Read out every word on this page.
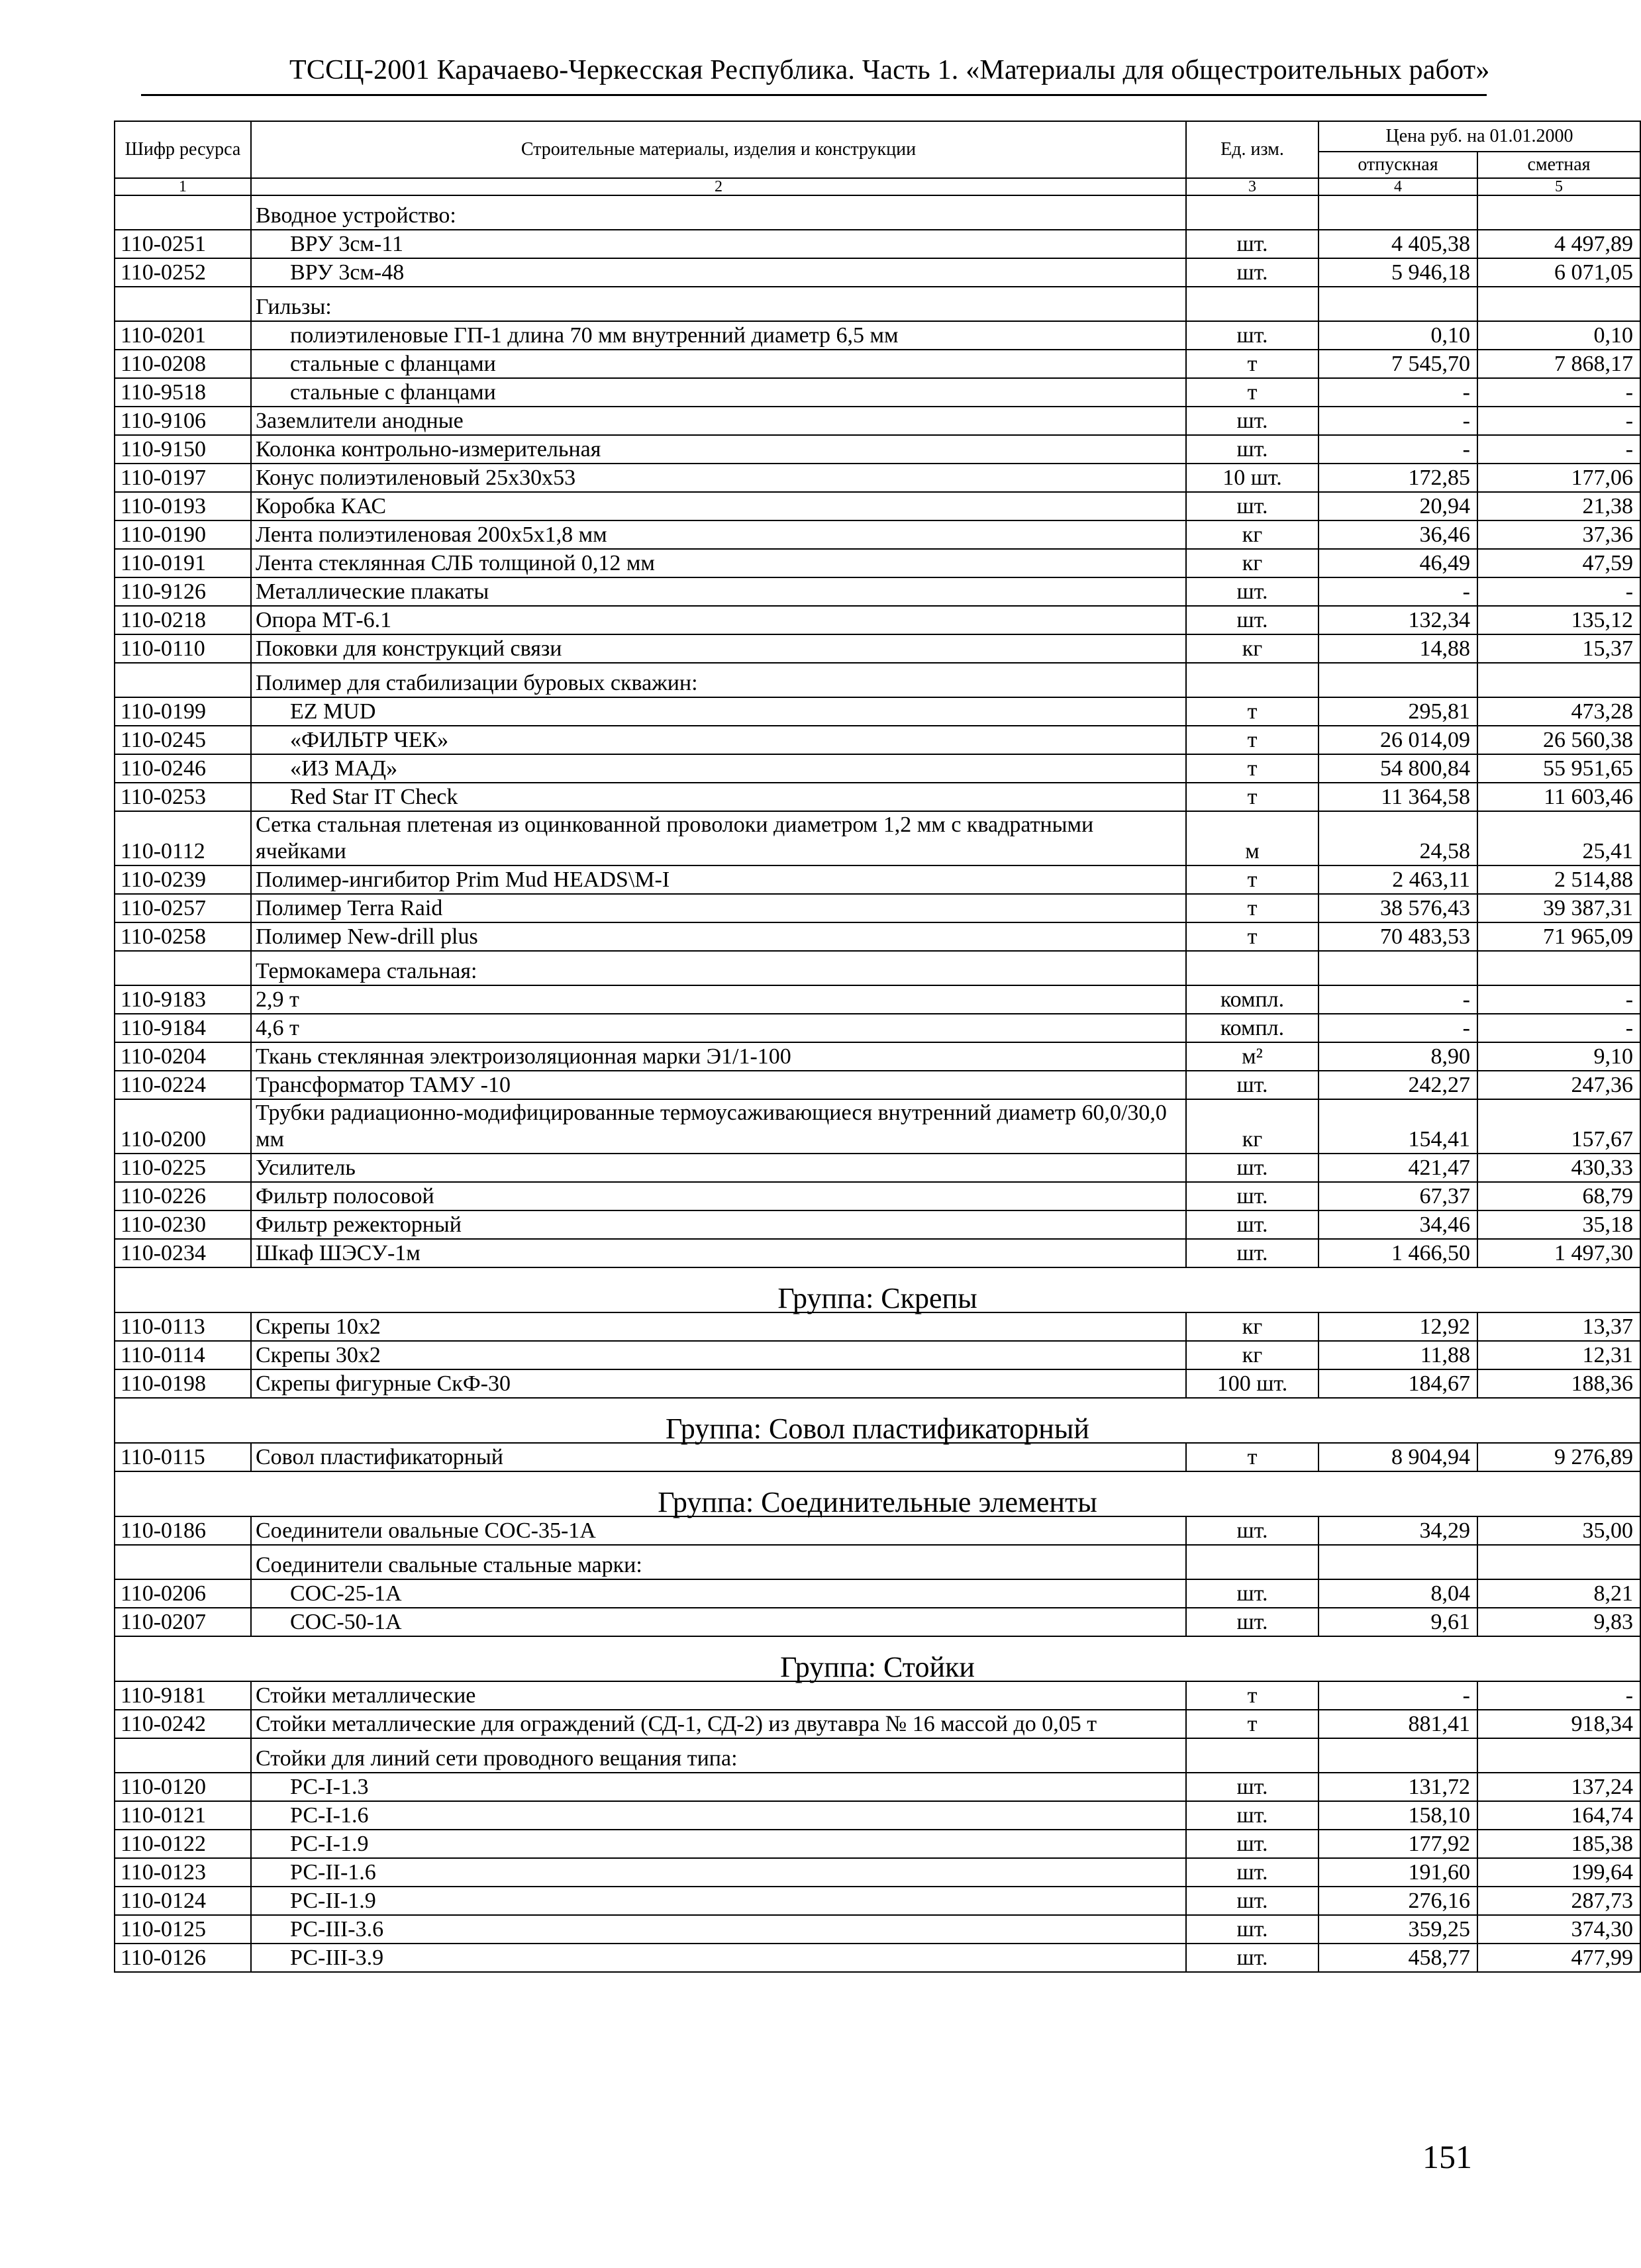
ТССЦ-2001 Карачаево-Черкесская Республика. Часть 1. «Материалы для общестроительных работ»
Шифр ресурса	Строительные материалы, изделия и конструкции	Ед. изм.	Цена руб. на 01.01.2000	
			отпускная	сметная
1	2	3	4	5
	Вводное устройство:			
110-0251	ВРУ 3см-11	шт.	4 405,38	4 497,89
110-0252	ВРУ 3см-48	шт.	5 946,18	6 071,05
	Гильзы:			
110-0201	полиэтиленовые ГП-1 длина 70 мм внутренний диаметр 6,5 мм	шт.	0,10	0,10
110-0208	стальные с фланцами	т	7 545,70	7 868,17
110-9518	стальные с фланцами	т	-	-
110-9106	Заземлители анодные	шт.	-	-
110-9150	Колонка контрольно-измерительная	шт.	-	-
110-0197	Конус полиэтиленовый 25x30x53	10 шт.	172,85	177,06
110-0193	Коробка КАС	шт.	20,94	21,38
110-0190	Лента полиэтиленовая 200x5x1,8 мм	кг	36,46	37,36
110-0191	Лента стеклянная СЛБ толщиной 0,12 мм	кг	46,49	47,59
110-9126	Металлические плакаты	шт.	-	-
110-0218	Опора МТ-6.1	шт.	132,34	135,12
110-0110	Поковки для конструкций связи	кг	14,88	15,37
	Полимер для стабилизации буровых скважин:			
110-0199	EZ MUD	т	295,81	473,28
110-0245	«ФИЛЬТР ЧЕК»	т	26 014,09	26 560,38
110-0246	«ИЗ МАД»	т	54 800,84	55 951,65
110-0253	Red Star IT Check	т	11 364,58	11 603,46
110-0112	Сетка стальная плетеная из оцинкованной проволоки диаметром 1,2 мм с квадратными ячейками	м	24,58	25,41
110-0239	Полимер-ингибитор Prim Mud HEADS\M-I	т	2 463,11	2 514,88
110-0257	Полимер Terra Raid	т	38 576,43	39 387,31
110-0258	Полимер New-drill plus	т	70 483,53	71 965,09
	Термокамера стальная:			
110-9183	2,9 т	компл.	-	-
110-9184	4,6 т	компл.	-	-
110-0204	Ткань стеклянная электроизоляционная марки Э1/1-100	м²	8,90	9,10
110-0224	Трансформатор ТАМУ -10	шт.	242,27	247,36
110-0200	Трубки радиационно-модифицированные термоусаживающиеся внутренний диаметр 60,0/30,0 мм	кг	154,41	157,67
110-0225	Усилитель	шт.	421,47	430,33
110-0226	Фильтр полосовой	шт.	67,37	68,79
110-0230	Фильтр режекторный	шт.	34,46	35,18
110-0234	Шкаф ШЭСУ-1м	шт.	1 466,50	1 497,30
Группа: Скрепы				
110-0113	Скрепы 10x2	кг	12,92	13,37
110-0114	Скрепы 30x2	кг	11,88	12,31
110-0198	Скрепы фигурные СкФ-30	100 шт.	184,67	188,36
Группа: Совол пластификаторный				
110-0115	Совол пластификаторный	т	8 904,94	9 276,89
Группа: Соединительные элементы				
110-0186	Соединители овальные СОС-35-1А	шт.	34,29	35,00
	Соединители свальные стальные марки:			
110-0206	СОС-25-1А	шт.	8,04	8,21
110-0207	СОС-50-1А	шт.	9,61	9,83
Группа: Стойки				
110-9181	Стойки металлические	т	-	-
110-0242	Стойки металлические для ограждений (СД-1, СД-2) из двутавра № 16 массой до 0,05 т	т	881,41	918,34
	Стойки для линий сети проводного вещания типа:			
110-0120	РС-I-1.3	шт.	131,72	137,24
110-0121	РС-I-1.6	шт.	158,10	164,74
110-0122	РС-I-1.9	шт.	177,92	185,38
110-0123	РС-II-1.6	шт.	191,60	199,64
110-0124	РС-II-1.9	шт.	276,16	287,73
110-0125	РС-III-3.6	шт.	359,25	374,30
110-0126	РС-III-3.9	шт.	458,77	477,99
151
